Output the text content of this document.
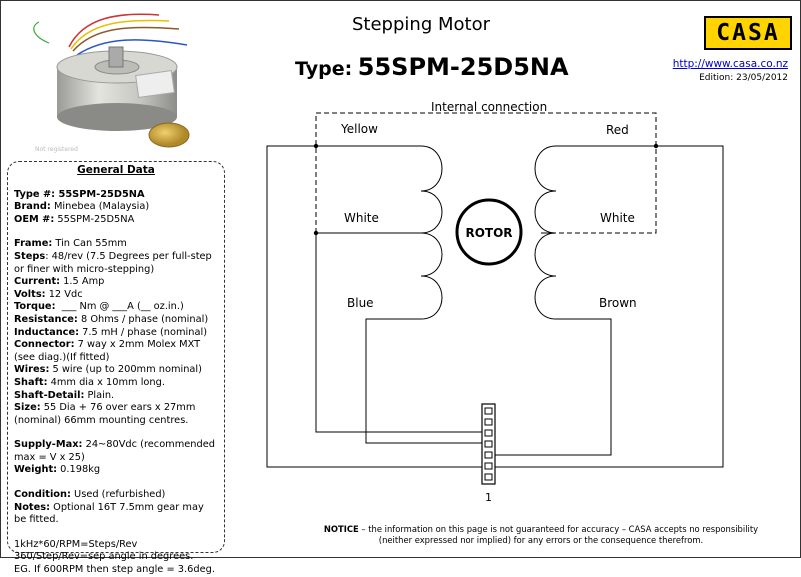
Not registered
Stepping Motor
Type: 55SPM-25D5NA
CASA
http://www.casa.co.nz
Edition: 23/05/2012
General Data
Type #: 55SPM-25D5NA
Brand: Minebea (Malaysia)
OEM #: 55SPM-25D5NA
Frame: Tin Can 55mm
Steps: 48/rev (7.5 Degrees per full-step or finer with micro-stepping)
Current: 1.5 Amp
Volts: 12 Vdc
Torque:  ___ Nm @ ___A (__ oz.in.)
Resistance: 8 Ohms / phase (nominal)
Inductance: 7.5 mH / phase (nominal)
Connector: 7 way x 2mm Molex MXT (see diag.)(If fitted)
Wires: 5 wire (up to 200mm nominal)
Shaft: 4mm dia x 10mm long.
Shaft-Detail: Plain.
Size: 55 Dia + 76 over ears x 27mm (nominal) 66mm mounting centres.
Supply-Max: 24~80Vdc (recommended max = V x 25)
Weight: 0.198kg
Condition: Used (refurbished)
Notes: Optional 16T 7.5mm gear may be fitted.
1kHz*60/RPM=Steps/Rev
360/Step/Rev=sep angle in degrees.
EG. If 600RPM then step angle = 3.6deg.
Internal connection
ROTOR
Yellow
White
Blue
Red
White
Brown
1
NOTICE – the information on this page is not guaranteed for accuracy – CASA accepts no responsibility
(neither expressed nor implied) for any errors or the consequence therefrom.
